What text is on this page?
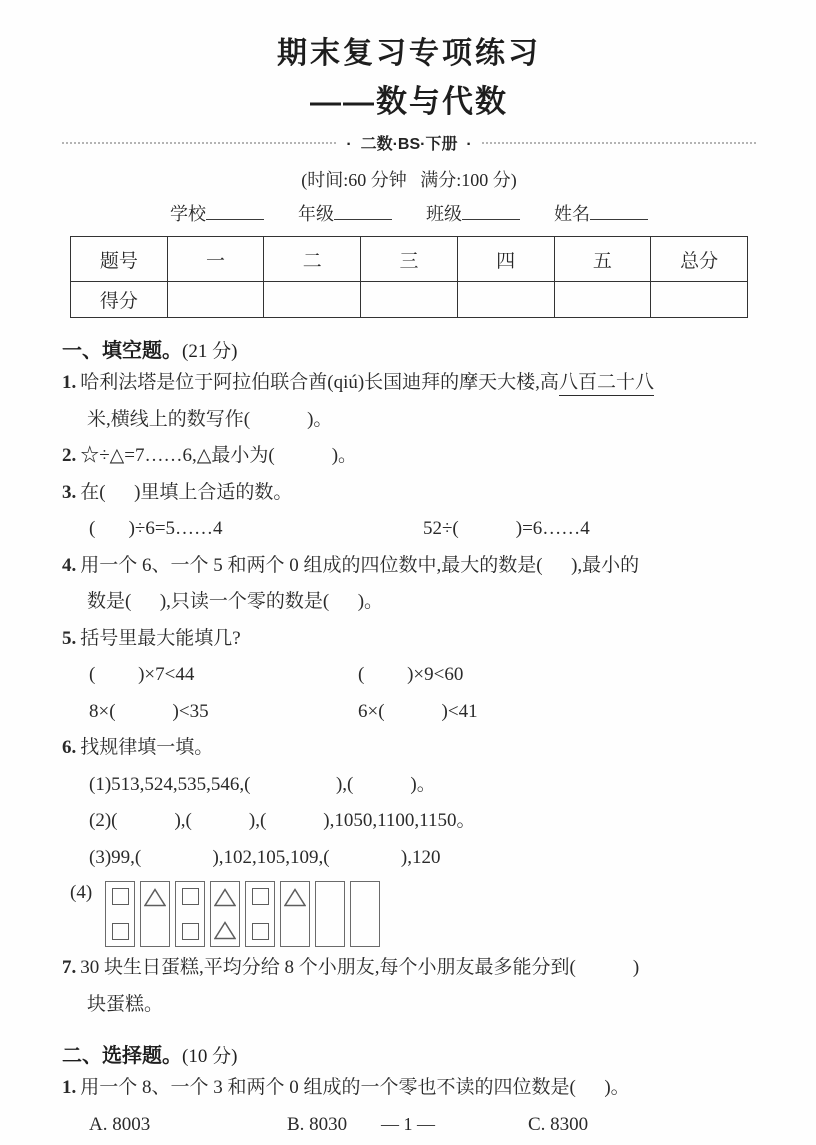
期末复习专项练习
——数与代数
·  二数·BS·下册  ·
(时间:60 分钟   满分:100 分)
学校	年级	班级	姓名
题号	一	二	三	四	五	总分
得分						
一、填空题。(21 分)
1. 哈利法塔是位于阿拉伯联合酋(qiú)长国迪拜的摩天大楼,高八百二十八
米,横线上的数写作(            )。
2. ☆÷△=7……6,△最小为(            )。
3. 在(      )里填上合适的数。
(       )÷6=5……4	52÷(            )=6……4
4. 用一个 6、一个 5 和两个 0 组成的四位数中,最大的数是(      ),最小的
数是(      ),只读一个零的数是(      )。
5. 括号里最大能填几?
(         )×7<44	(         )×9<60
8×(            )<35	6×(            )<41
6. 找规律填一填。
(1)513,524,535,546,(                  ),(            )。
(2)(            ),(            ),(            ),1050,1100,1150。
(3)99,(               ),102,105,109,(               ),120
(4)
7. 30 块生日蛋糕,平均分给 8 个小朋友,每个小朋友最多能分到(            )
块蛋糕。
二、选择题。(10 分)
1. 用一个 8、一个 3 和两个 0 组成的一个零也不读的四位数是(      )。
A. 8003	B. 8030	C. 8300
— 1 —
